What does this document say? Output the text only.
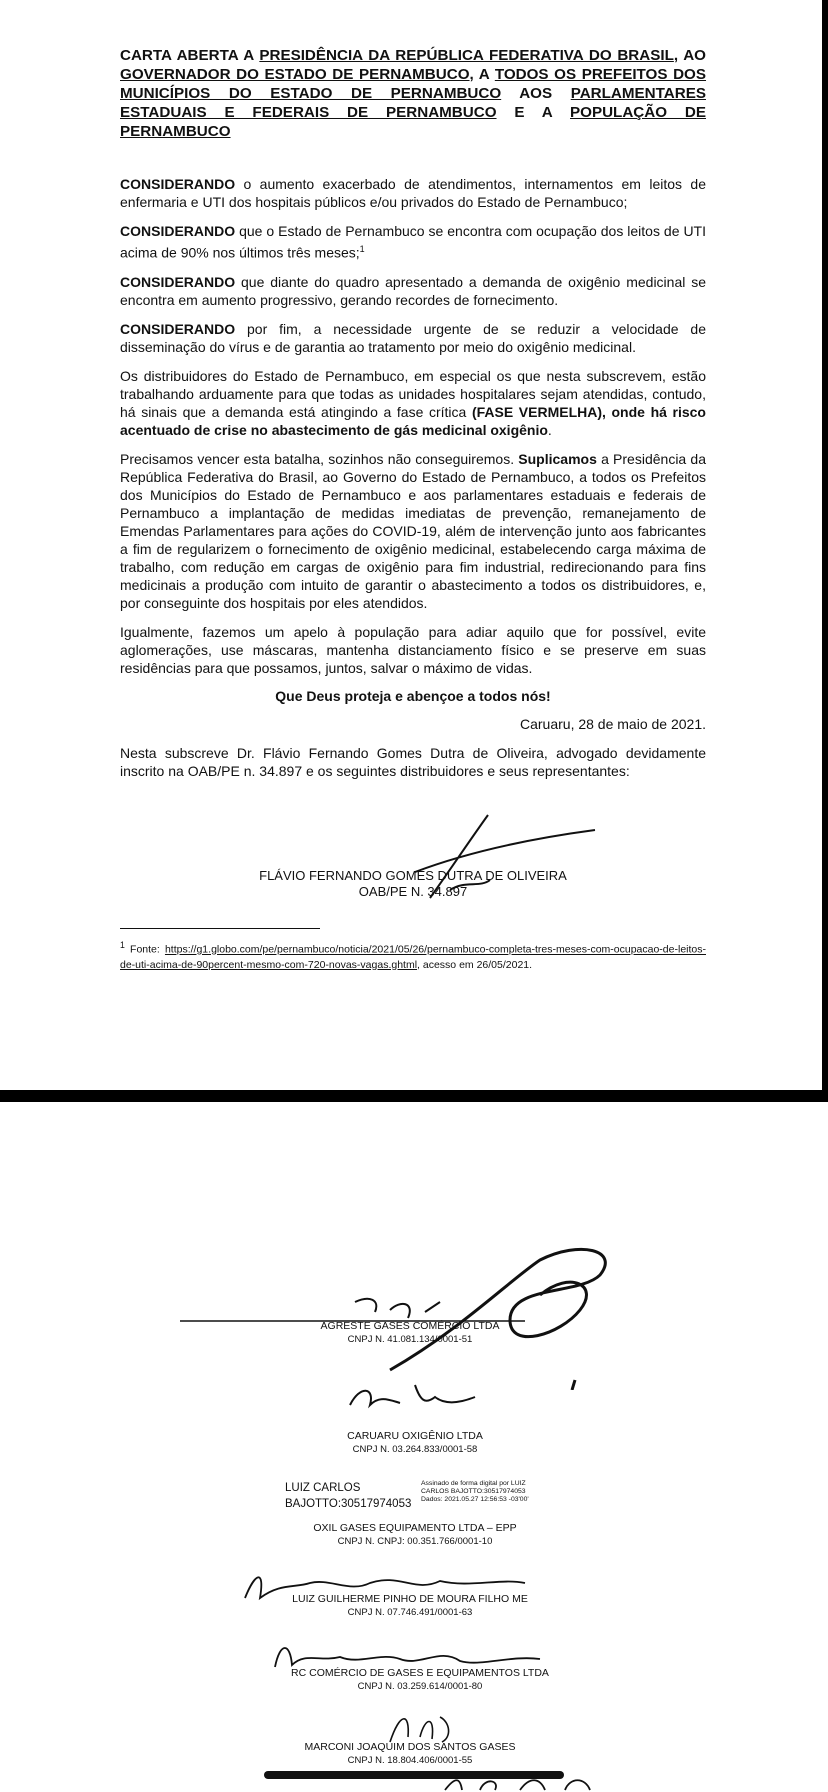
CARTA ABERTA A PRESIDÊNCIA DA REPÚBLICA FEDERATIVA DO BRASIL, AO GOVERNADOR DO ESTADO DE PERNAMBUCO, A TODOS OS PREFEITOS DOS MUNICÍPIOS DO ESTADO DE PERNAMBUCO AOS PARLAMENTARES ESTADUAIS E FEDERAIS DE PERNAMBUCO E A POPULAÇÃO DE PERNAMBUCO

CONSIDERANDO o aumento exacerbado de atendimentos, internamentos em leitos de enfermaria e UTI dos hospitais públicos e/ou privados do Estado de Pernambuco;

CONSIDERANDO que o Estado de Pernambuco se encontra com ocupação dos leitos de UTI acima de 90% nos últimos três meses;$^1$

CONSIDERANDO que diante do quadro apresentado a demanda de oxigênio medicinal se encontra em aumento progressivo, gerando recordes de fornecimento.

CONSIDERANDO por fim, a necessidade urgente de se reduzir a velocidade de disseminação do vírus e de garantia ao tratamento por meio do oxigênio medicinal.

Os distribuidores do Estado de Pernambuco, em especial os que nesta subscrevem, estão trabalhando arduamente para que todas as unidades hospitalares sejam atendidas, contudo, há sinais que a demanda está atingindo a fase crítica (FASE VERMELHA), onde há risco acentuado de crise no abastecimento de gás medicinal oxigênio.

Precisamos vencer esta batalha, sozinhos não conseguiremos. Suplicamos a Presidência da República Federativa do Brasil, ao Governo do Estado de Pernambuco, a todos os Prefeitos dos Municípios do Estado de Pernambuco e aos parlamentares estaduais e federais de Pernambuco a implantação de medidas imediatas de prevenção, remanejamento de Emendas Parlamentares para ações do COVID-19, além de intervenção junto aos fabricantes a fim de regularizem o fornecimento de oxigênio medicinal, estabelecendo carga máxima de trabalho, com redução em cargas de oxigênio para fim industrial, redirecionando para fins medicinais a produção com intuito de garantir o abastecimento a todos os distribuidores, e, por conseguinte dos hospitais por eles atendidos.

Igualmente, fazemos um apelo à população para adiar aquilo que for possível, evite aglomerações, use máscaras, mantenha distanciamento físico e se preserve em suas residências para que possamos, juntos, salvar o máximo de vidas.

Que Deus proteja e abençoe a todos nós!

Caruaru, 28 de maio de 2021.

Nesta subscreve Dr. Flávio Fernando Gomes Dutra de Oliveira, advogado devidamente inscrito na OAB/PE n. 34.897 e os seguintes distribuidores e seus representantes:

FLÁVIO FERNANDO GOMES DUTRA DE OLIVEIRA
OAB/PE N. 34.897

$^1$ Fonte: https://g1.globo.com/pe/pernambuco/noticia/2021/05/26/pernambuco-completa-tres-meses-com-ocupacao-de-leitos-de-uti-acima-de-90percent-mesmo-com-720-novas-vagas.ghtml, acesso em 26/05/2021.

AGRESTE GASES COMÉRCIO LTDA
CNPJ N. 41.081.134/0001-51
CARUARU OXIGÊNIO LTDA
CNPJ N. 03.264.833/0001-58
LUIZ CARLOS
BAJOTTO:30517974053
Assinado de forma digital por LUIZ
CARLOS BAJOTTO:30517974053
Dados: 2021.05.27 12:56:53 -03'00'
OXIL GASES EQUIPAMENTO LTDA – EPP
CNPJ N. CNPJ: 00.351.766/0001-10
LUIZ GUILHERME PINHO DE MOURA FILHO ME
CNPJ N. 07.746.491/0001-63
RC COMÉRCIO DE GASES E EQUIPAMENTOS LTDA
CNPJ N. 03.259.614/0001-80
MARCONI JOAQUIM DOS SANTOS GASES
CNPJ N. 18.804.406/0001-55
